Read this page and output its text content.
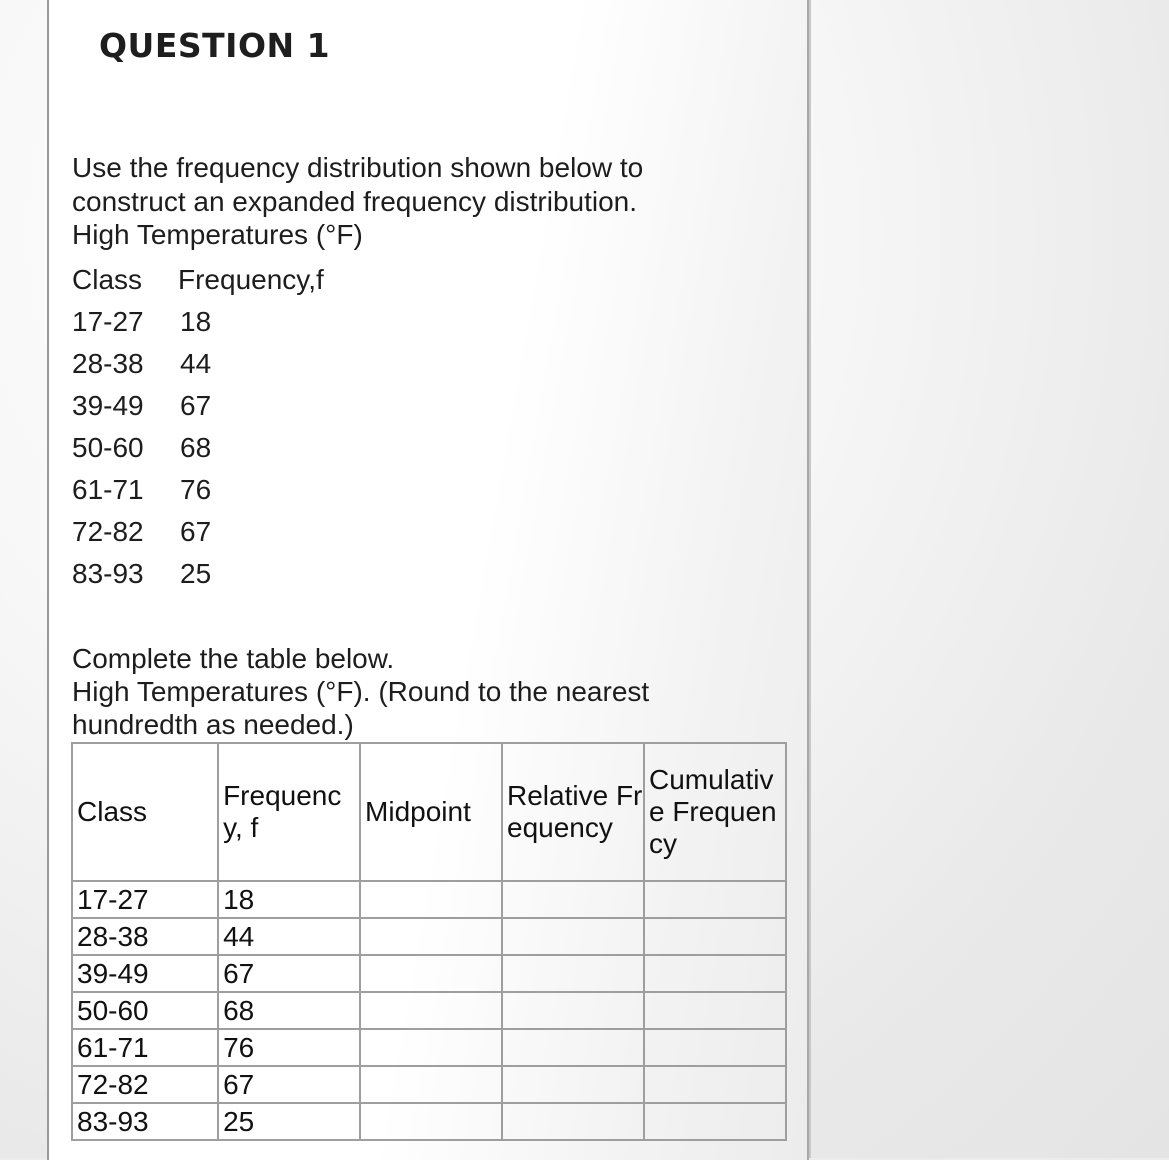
QUESTION 1
Use the frequency distribution shown below to
construct an expanded frequency distribution.
High Temperatures (°F)
Class Frequency,f
17-27 18
28-38 44
39-49 67
50-60 68
61-71 76
72-82 67
83-93 25
Complete the table below.
High Temperatures (°F). (Round to the nearest
hundredth as needed.)
Class	Frequency, f	Midpoint	Relative Frequency	Cumulative Frequency
17-27	18			
28-38	44			
39-49	67			
50-60	68			
61-71	76			
72-82	67			
83-93	25			
